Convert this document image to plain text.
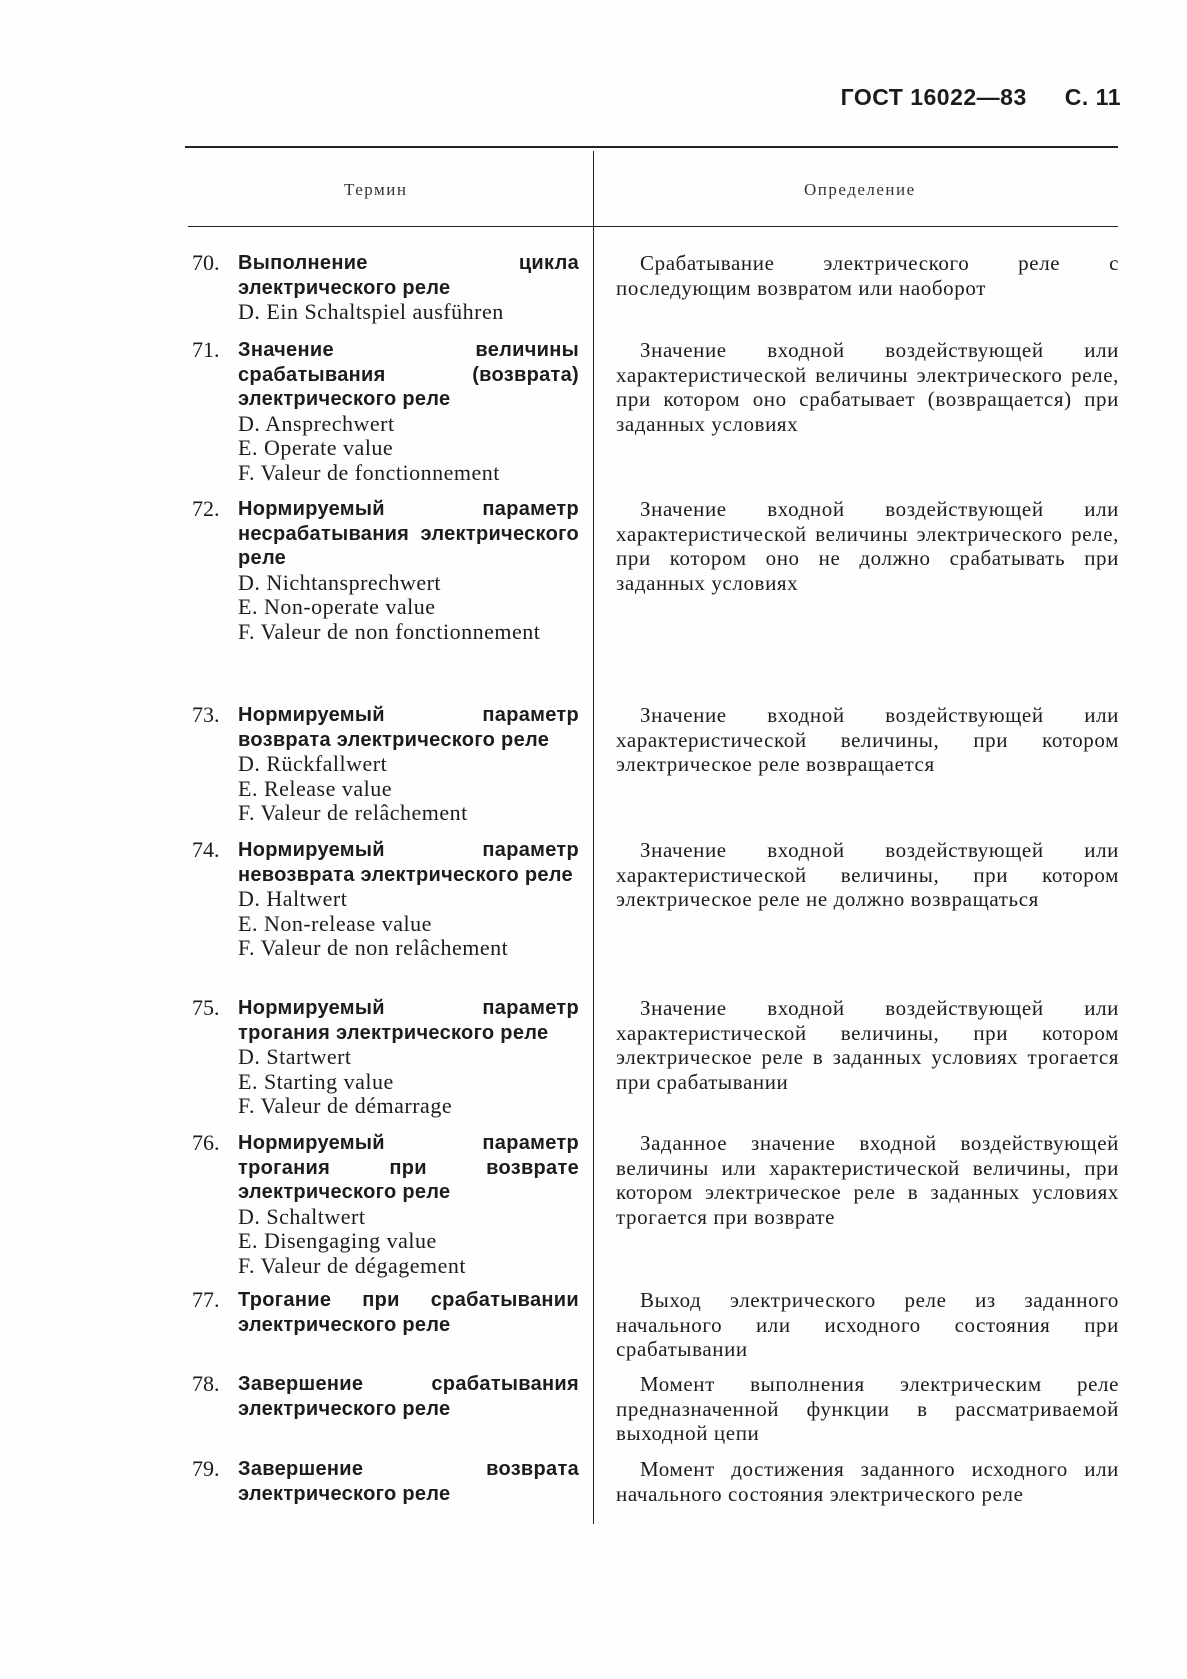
ГОСТ 16022—83 С. 11
Термин	Определение
70. Выполнение цикла электрического реле
D. Ein Schaltspiel ausführen
Срабатывание электрического реле с последующим возвратом или наоборот
71. Значение величины срабатывания (возврата) электрического реле
D. Ansprechwert
E. Operate value
F. Valeur de fonctionnement
Значение входной воздействующей или характеристической величины электрического реле, при котором оно срабатывает (возвращается) при заданных условиях
72. Нормируемый параметр несрабатывания электрического реле
D. Nichtansprechwert
E. Non-operate value
F. Valeur de non fonctionnement
Значение входной воздействующей или характеристической величины электрического реле, при котором оно не должно срабатывать при заданных условиях
73. Нормируемый параметр возврата электрического реле
D. Rückfallwert
E. Release value
F. Valeur de relâchement
Значение входной воздействующей или характеристической величины, при котором электрическое реле возвращается
74. Нормируемый параметр невозврата электрического реле
D. Haltwert
E. Non-release value
F. Valeur de non relâchement
Значение входной воздействующей или характеристической величины, при котором электрическое реле не должно возвращаться
75. Нормируемый параметр трогания электрического реле
D. Startwert
E. Starting value
F. Valeur de démarrage
Значение входной воздействующей или характеристической величины, при котором электрическое реле в заданных условиях трогается при срабатывании
76. Нормируемый параметр трогания при возврате электрического реле
D. Schaltwert
E. Disengaging value
F. Valeur de dégagement
Заданное значение входной воздействующей величины или характеристической величины, при котором электрическое реле в заданных условиях трогается при возврате
77. Трогание при срабатывании электрического реле
Выход электрического реле из заданного начального или исходного состояния при срабатывании
78. Завершение срабатывания электрического реле
Момент выполнения электрическим реле предназначенной функции в рассматриваемой выходной цепи
79. Завершение возврата электрического реле
Момент достижения заданного исходного или начального состояния электрического реле
